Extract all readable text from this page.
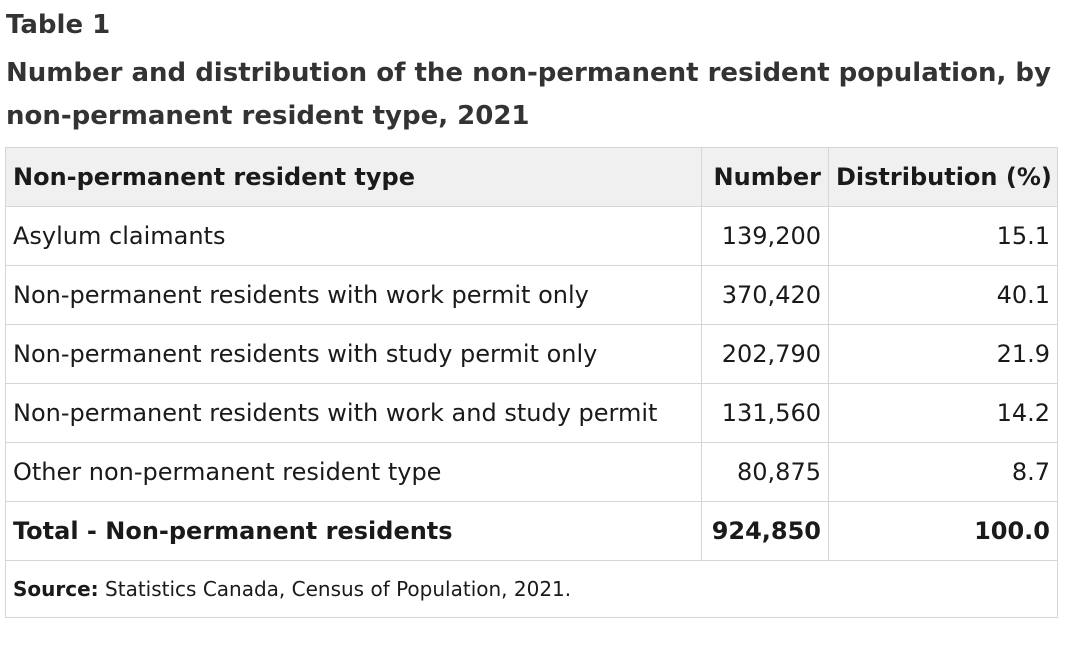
Table 1
Number and distribution of the non-permanent resident population, by non-permanent resident type, 2021
Non-permanent resident type	Number	Distribution (%)
Asylum claimants	139,200	15.1
Non-permanent residents with work permit only	370,420	40.1
Non-permanent residents with study permit only	202,790	21.9
Non-permanent residents with work and study permit	131,560	14.2
Other non-permanent resident type	80,875	8.7
Total - Non-permanent residents	924,850	100.0
Source: Statistics Canada, Census of Population, 2021.		
